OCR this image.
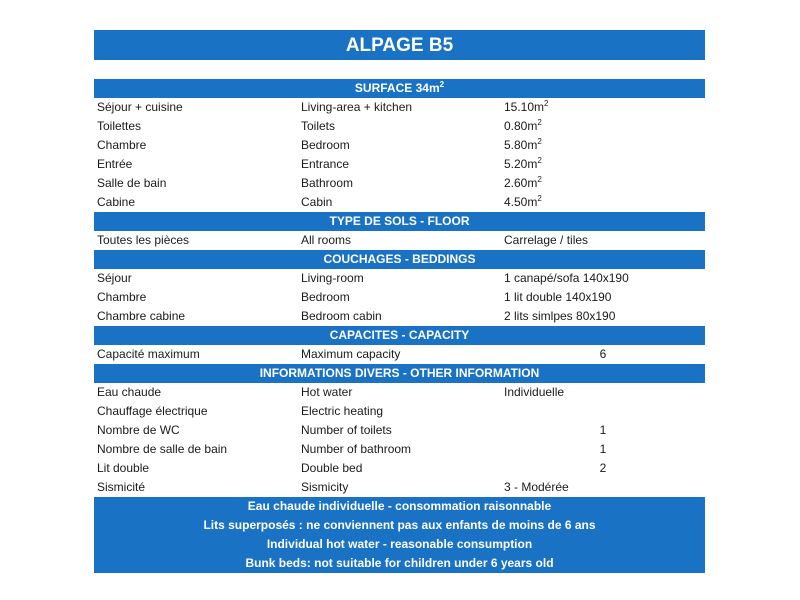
ALPAGE B5
SURFACE $34m^2$
Séjour + cuisine	Living-area + kitchen	$15.10m^2$
Toilettes	Toilets	$0.80m^2$
Chambre	Bedroom	$5.80m^2$
Entrée	Entrance	$5.20m^2$
Salle de bain	Bathroom	$2.60m^2$
Cabine	Cabin	$4.50m^2$
TYPE DE SOLS - FLOOR
Toutes les pièces	All rooms	Carrelage / tiles
COUCHAGES - BEDDINGS
Séjour	Living-room	1 canapé/sofa 140x190
Chambre	Bedroom	1 lit double 140x190
Chambre cabine	Bedroom cabin	2 lits simlpes 80x190
CAPACITES - CAPACITY
Capacité maximum	Maximum capacity	6
INFORMATIONS DIVERS - OTHER INFORMATION
Eau chaude	Hot water	Individuelle
Chauffage électrique	Electric heating
Nombre de WC	Number of toilets	1
Nombre de salle de bain	Number of bathroom	1
Lit double	Double bed	2
Sismicité	Sismicity	3 - Modérée
Eau chaude individuelle - consommation raisonnable
Lits superposés : ne conviennent pas aux enfants de moins de 6 ans
Individual hot water - reasonable consumption
Bunk beds: not suitable for children under 6 years old
